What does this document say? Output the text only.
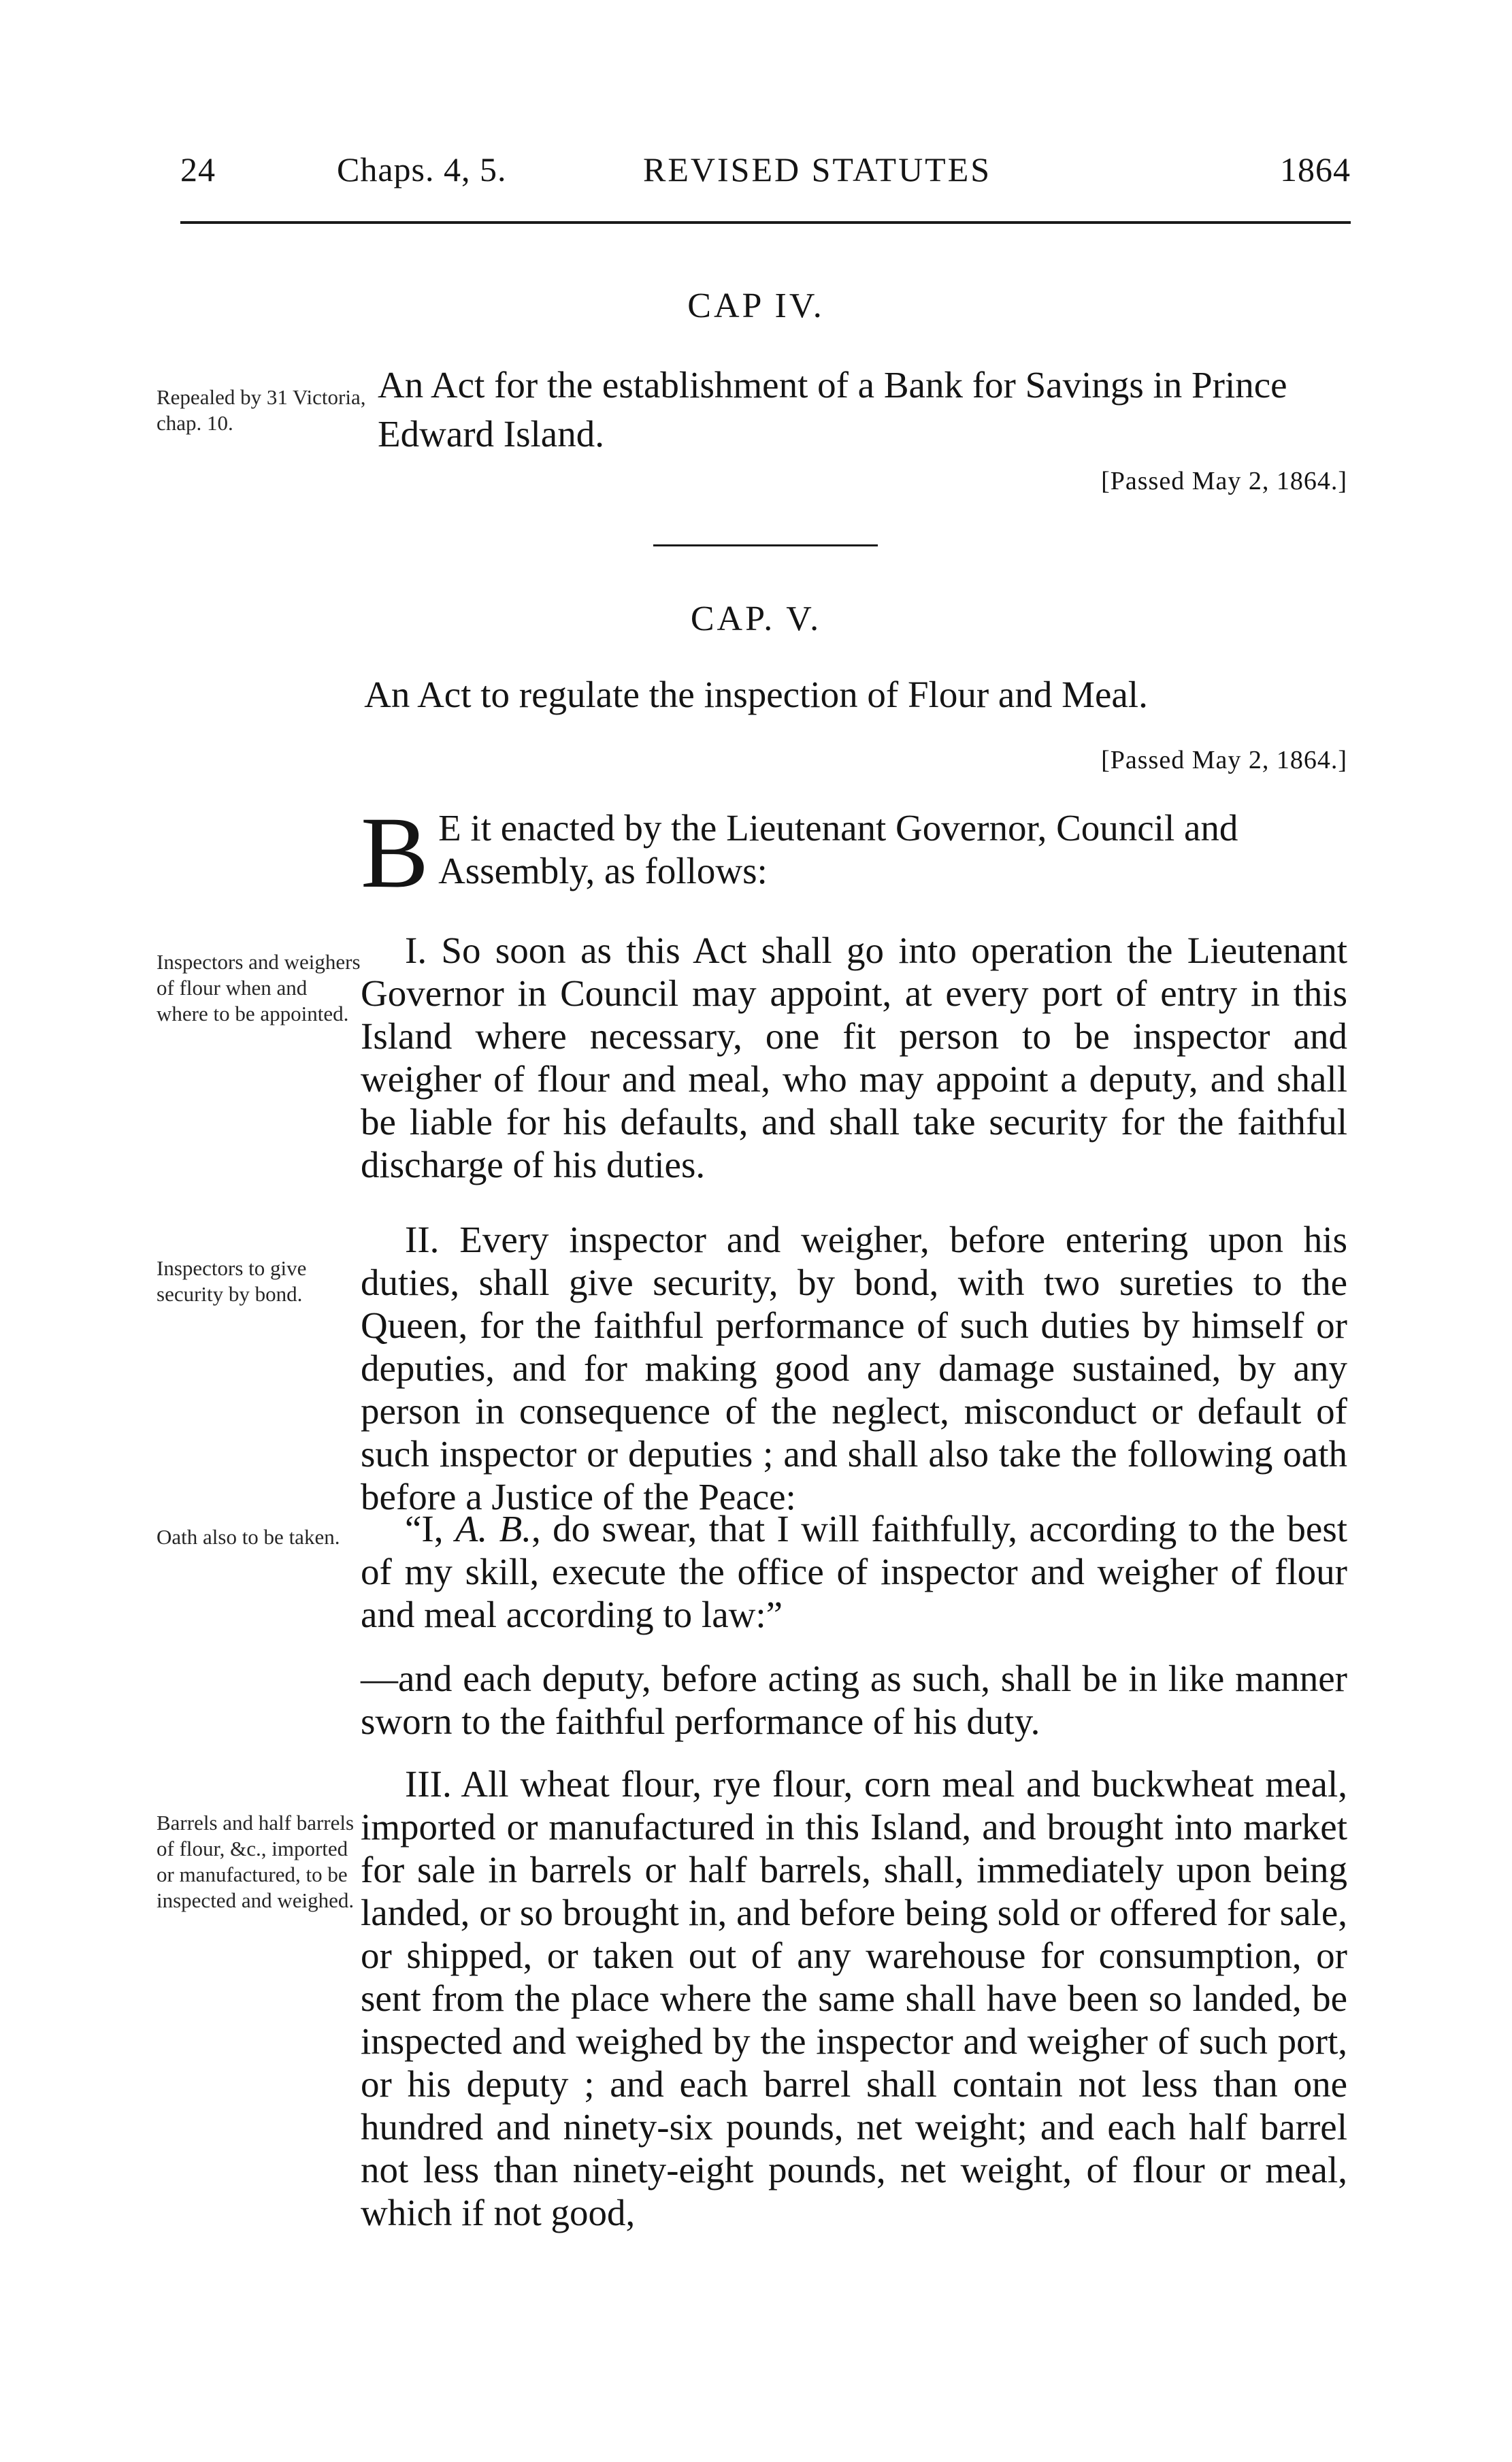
24	Chaps. 4, 5.	REVISED STATUTES	1864
CAP IV.
Repealed by 31 Victoria, chap. 10.
An Act for the establishment of a Bank for Savings in Prince Edward Island.
[Passed May 2, 1864.]
CAP. V.
An Act to regulate the inspection of Flour and Meal.
[Passed May 2, 1864.]
B E it enacted by the Lieutenant Governor, Council and Assembly, as follows:
Inspectors and weighers of flour when and where to be appointed.
Inspectors to give security by bond.
Oath also to be taken.
Barrels and half barrels of flour, &c., imported or manufactured, to be inspected and weighed.

I. So soon as this Act shall go into operation the Lieutenant Governor in Council may appoint, at every port of entry in this Island where necessary, one fit person to be inspector and weigher of flour and meal, who may appoint a deputy, and shall be liable for his defaults, and shall take security for the faithful discharge of his duties.

II. Every inspector and weigher, before entering upon his duties, shall give security, by bond, with two sureties to the Queen, for the faithful performance of such duties by himself or deputies, and for making good any damage sustained, by any person in consequence of the neglect, misconduct or default of such inspector or deputies ; and shall also take the following oath before a Justice of the Peace:

“I, A. B., do swear, that I will faithfully, according to the best of my skill, execute the office of inspector and weigher of flour and meal according to law:”

—and each deputy, before acting as such, shall be in like manner sworn to the faithful performance of his duty.

III. All wheat flour, rye flour, corn meal and buckwheat meal, imported or manufactured in this Island, and brought into market for sale in barrels or half barrels, shall, immediately upon being landed, or so brought in, and before being sold or offered for sale, or shipped, or taken out of any warehouse for consumption, or sent from the place where the same shall have been so landed, be inspected and weighed by the inspector and weigher of such port, or his deputy ; and each barrel shall contain not less than one hundred and ninety-six pounds, net weight; and each half barrel not less than ninety-eight pounds, net weight, of flour or meal, which if not good,
